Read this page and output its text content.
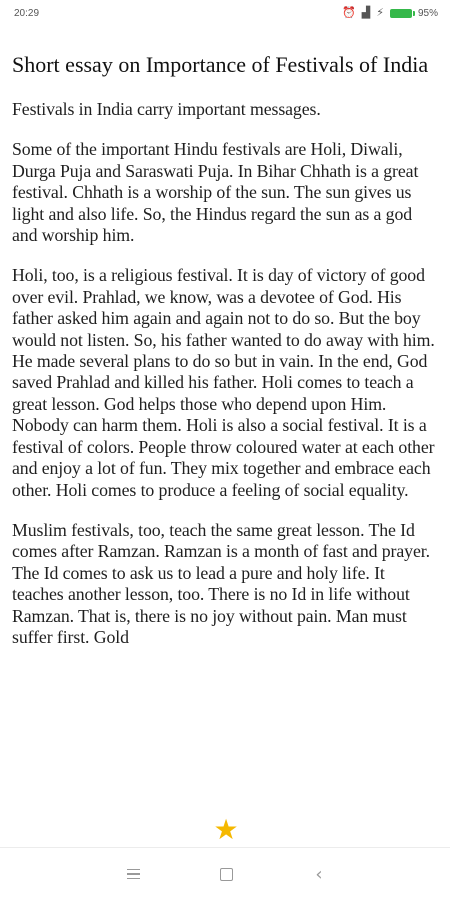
20:29	⏰ ▟ ⚡	95%
Short essay on Importance of Festivals of India

Festivals in India carry important messages.

Some of the important Hindu festivals are Holi, Diwali, Durga Puja and Saraswati Puja. In Bihar Chhath is a great festival. Chhath is a worship of the sun. The sun gives us light and also life. So, the Hindus regard the sun as a god and worship him.

Holi, too, is a religious festival. It is day of victory of good over evil. Prahlad, we know, was a devotee of God. His father asked him again and again not to do so. But the boy would not listen. So, his father wanted to do away with him. He made several plans to do so but in vain. In the end, God saved Prahlad and killed his father. Holi comes to teach a great lesson. God helps those who depend upon Him. Nobody can harm them. Holi is also a social festival. It is a festival of colors. People throw coloured water at each other and enjoy a lot of fun. They mix together and embrace each other. Holi comes to produce a feeling of social equality.

Muslim festivals, too, teach the same great lesson. The Id comes after Ramzan. Ramzan is a month of fast and prayer. The Id comes to ask us to lead a pure and holy life. It teaches another lesson, too. There is no Id in life without Ramzan. That is, there is no joy without pain. Man must suffer first. Gold

★
‹
